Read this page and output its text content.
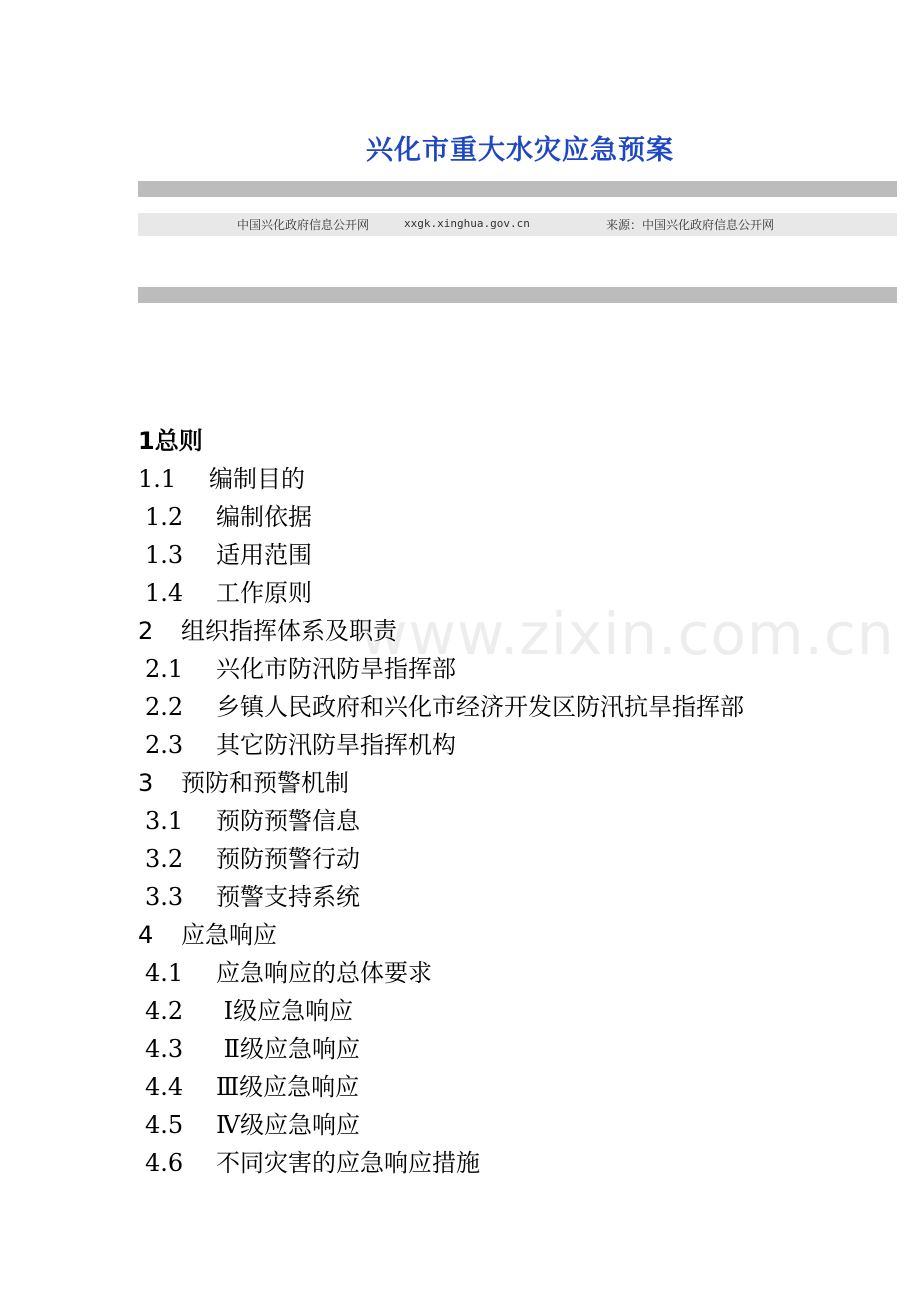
兴化市重大水灾应急预案
中国兴化政府信息公开网	xxgk.xinghua.gov.cn	来源：中国兴化政府信息公开网
www.zixin.com.cn
1总则
1.1 编制目的
1.2 编制依据
1.3 适用范围
1.4 工作原则
2 组织指挥体系及职责
2.1 兴化市防汛防旱指挥部
2.2 乡镇人民政府和兴化市经济开发区防汛抗旱指挥部
2.3 其它防汛防旱指挥机构
3 预防和预警机制
3.1 预防预警信息
3.2 预防预警行动
3.3 预警支持系统
4 应急响应
4.1 应急响应的总体要求
4.2 Ⅰ级应急响应
4.3 Ⅱ级应急响应
4.4 Ⅲ级应急响应
4.5 Ⅳ级应急响应
4.6 不同灾害的应急响应措施
